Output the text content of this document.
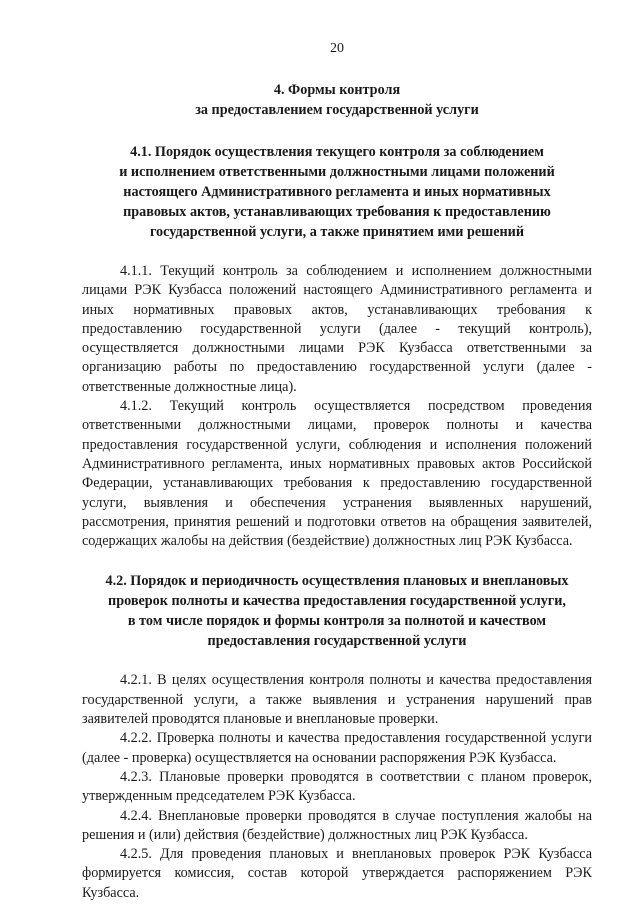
20
4. Формы контроля
за предоставлением государственной услуги
4.1. Порядок осуществления текущего контроля за соблюдением
и исполнением ответственными должностными лицами положений
настоящего Административного регламента и иных нормативных
правовых актов, устанавливающих требования к предоставлению
государственной услуги, а также принятием ими решений

4.1.1. Текущий контроль за соблюдением и исполнением должностными лицами РЭК Кузбасса положений настоящего Административного регламента и иных нормативных правовых актов, устанавливающих требования к предоставлению государственной услуги (далее - текущий контроль), осуществляется должностными лицами РЭК Кузбасса ответственными за организацию работы по предоставлению государственной услуги (далее - ответственные должностные лица).

4.1.2. Текущий контроль осуществляется посредством проведения ответственными должностными лицами, проверок полноты и качества предоставления государственной услуги, соблюдения и исполнения положений Административного регламента, иных нормативных правовых актов Российской Федерации, устанавливающих требования к предоставлению государственной услуги, выявления и обеспечения устранения выявленных нарушений, рассмотрения, принятия решений и подготовки ответов на обращения заявителей, содержащих жалобы на действия (бездействие) должностных лиц РЭК Кузбасса.

4.2. Порядок и периодичность осуществления плановых и внеплановых
проверок полноты и качества предоставления государственной услуги,
в том числе порядок и формы контроля за полнотой и качеством
предоставления государственной услуги

4.2.1. В целях осуществления контроля полноты и качества предоставления государственной услуги, а также выявления и устранения нарушений прав заявителей проводятся плановые и внеплановые проверки.

4.2.2. Проверка полноты и качества предоставления государственной услуги (далее - проверка) осуществляется на основании распоряжения РЭК Кузбасса.

4.2.3. Плановые проверки проводятся в соответствии с планом проверок, утвержденным председателем РЭК Кузбасса.

4.2.4. Внеплановые проверки проводятся в случае поступления жалобы на решения и (или) действия (бездействие) должностных лиц РЭК Кузбасса.

4.2.5. Для проведения плановых и внеплановых проверок РЭК Кузбасса формируется комиссия, состав которой утверждается распоряжением РЭК Кузбасса.
